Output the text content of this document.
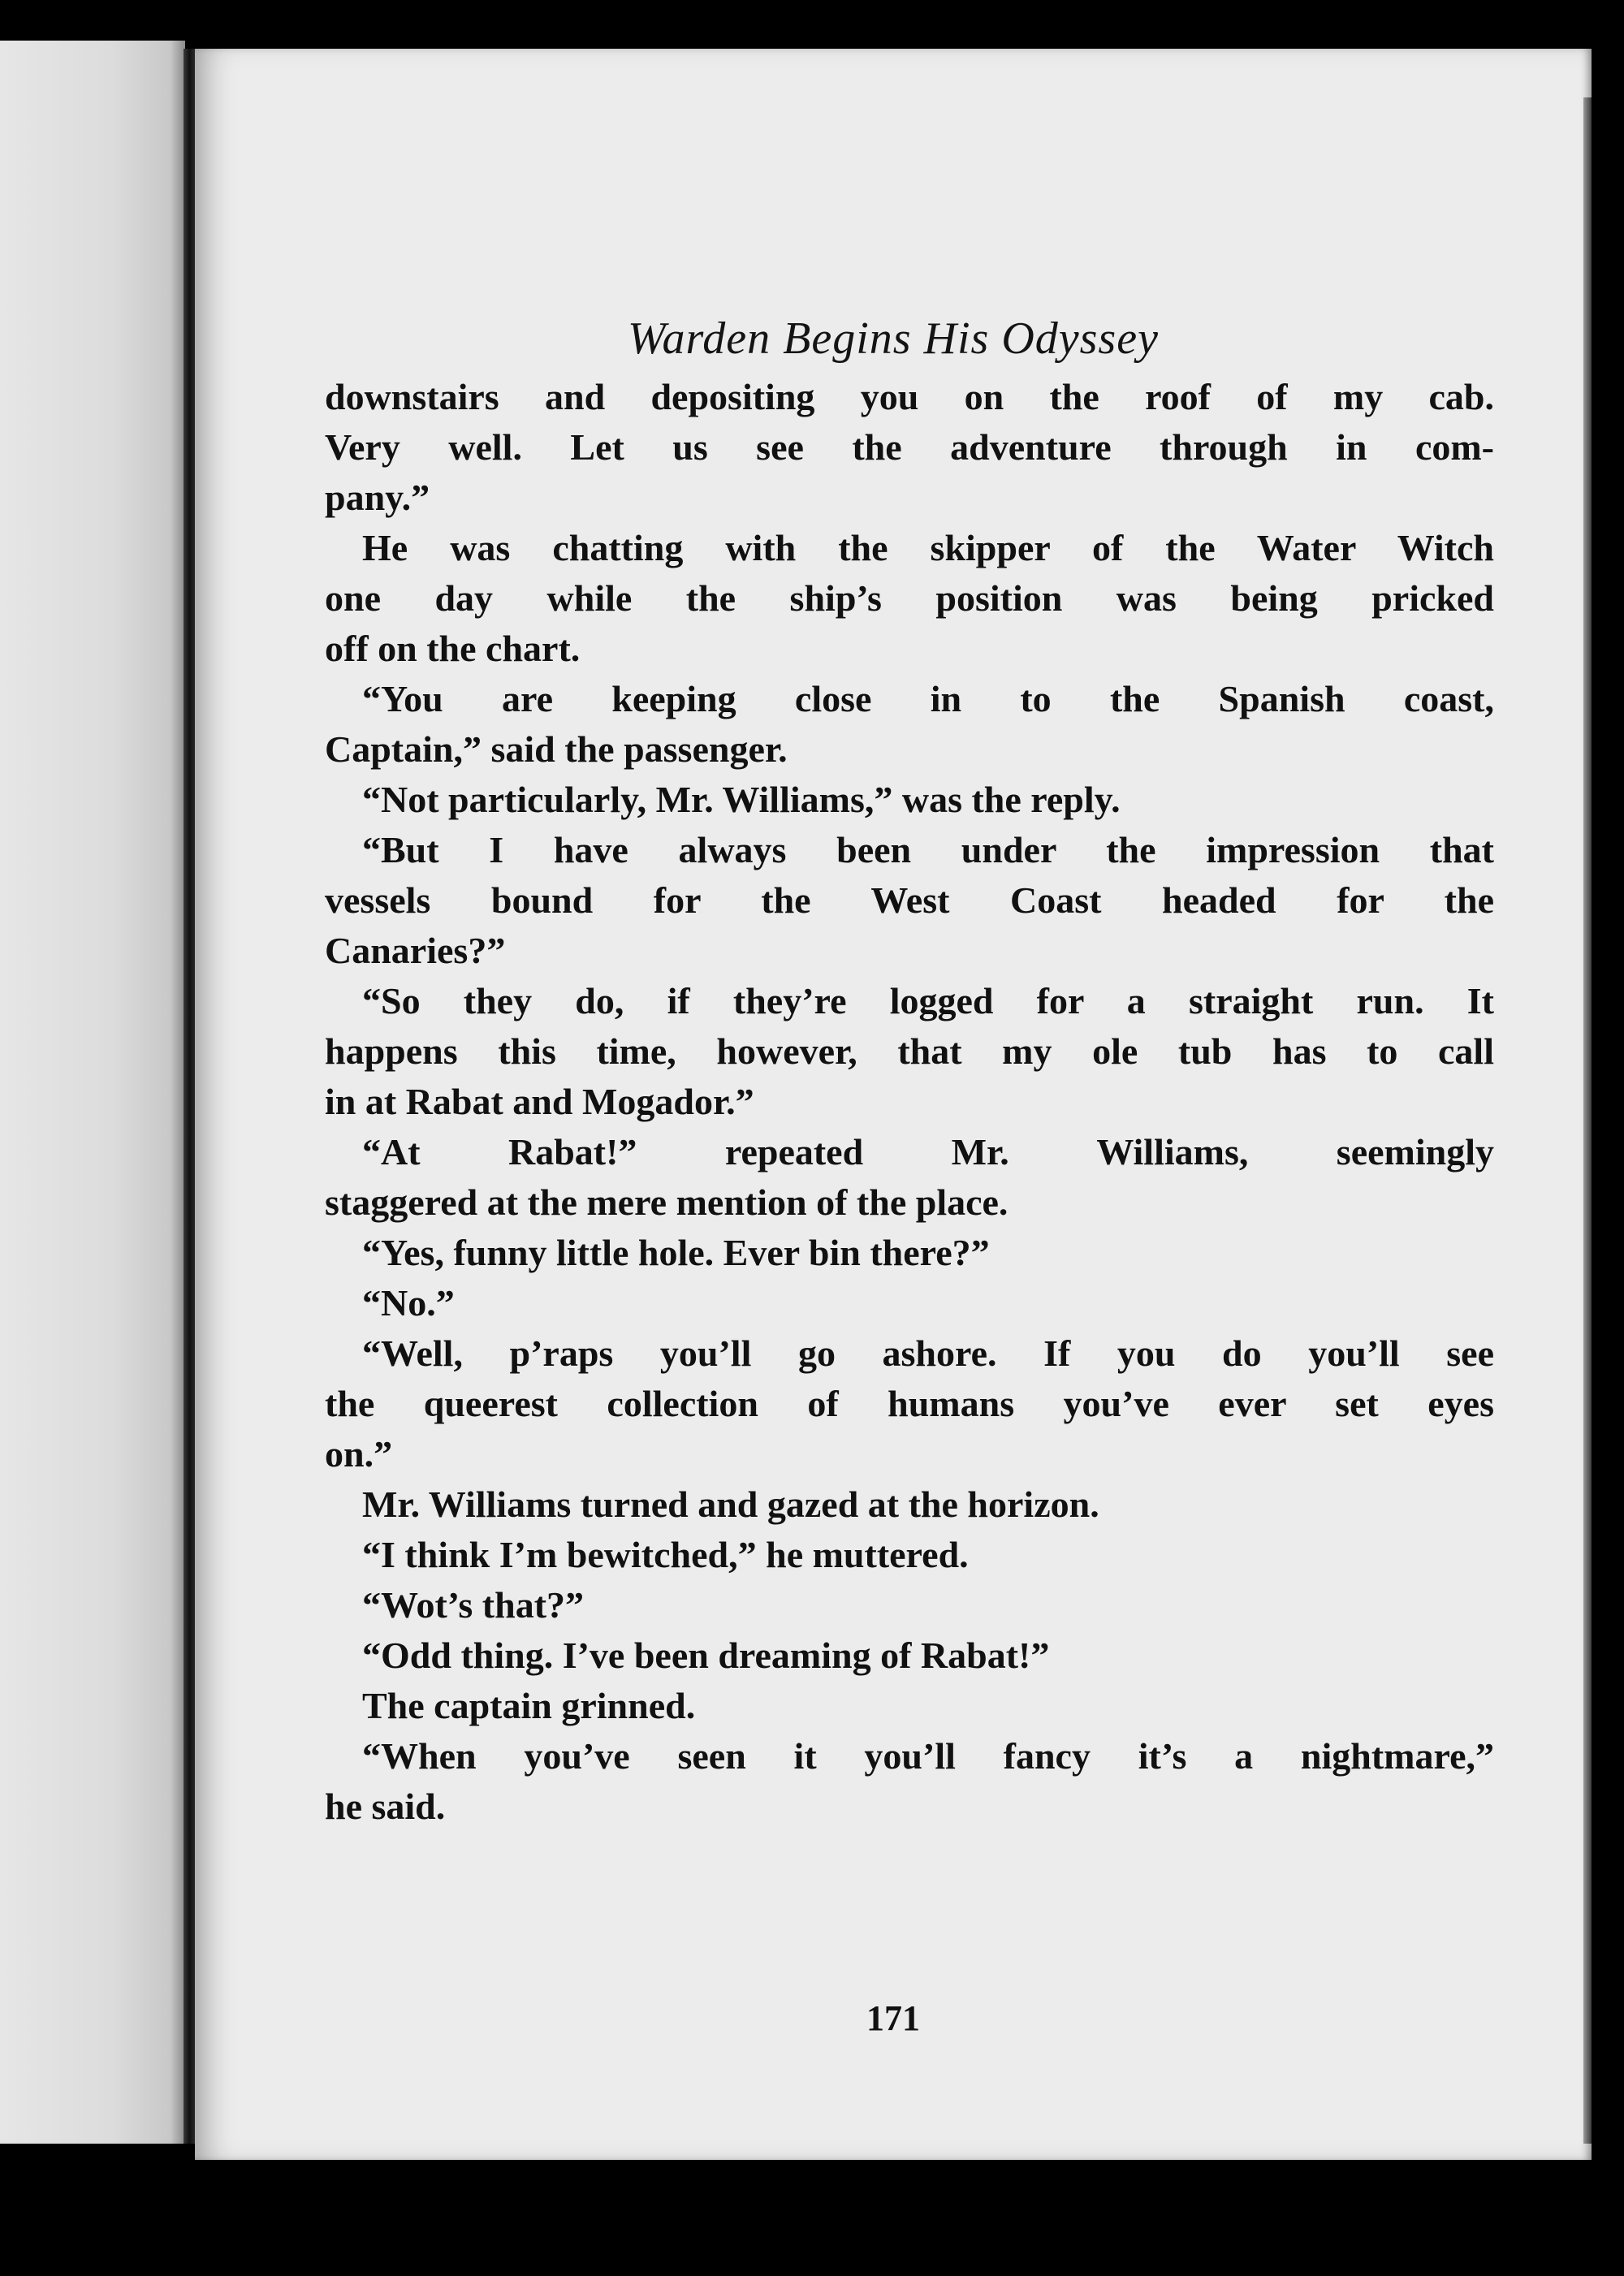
Warden Begins His Odyssey
downstairs and depositing you on the roof of my cab.
Very well. Let us see the adventure through in com-
pany.”
He was chatting with the skipper of the Water Witch
one day while the ship’s position was being pricked
off on the chart.
“You are keeping close in to the Spanish coast,
Captain,” said the passenger.
“Not particularly, Mr. Williams,” was the reply.
“But I have always been under the impression that
vessels bound for the West Coast headed for the
Canaries?”
“So they do, if they’re logged for a straight run. It
happens this time, however, that my ole tub has to call
in at Rabat and Mogador.”
“At Rabat!” repeated Mr. Williams, seemingly
staggered at the mere mention of the place.
“Yes, funny little hole. Ever bin there?”
“No.”
“Well, p’raps you’ll go ashore. If you do you’ll see
the queerest collection of humans you’ve ever set eyes
on.”
Mr. Williams turned and gazed at the horizon.
“I think I’m bewitched,” he muttered.
“Wot’s that?”
“Odd thing. I’ve been dreaming of Rabat!”
The captain grinned.
“When you’ve seen it you’ll fancy it’s a nightmare,”
he said.
171
